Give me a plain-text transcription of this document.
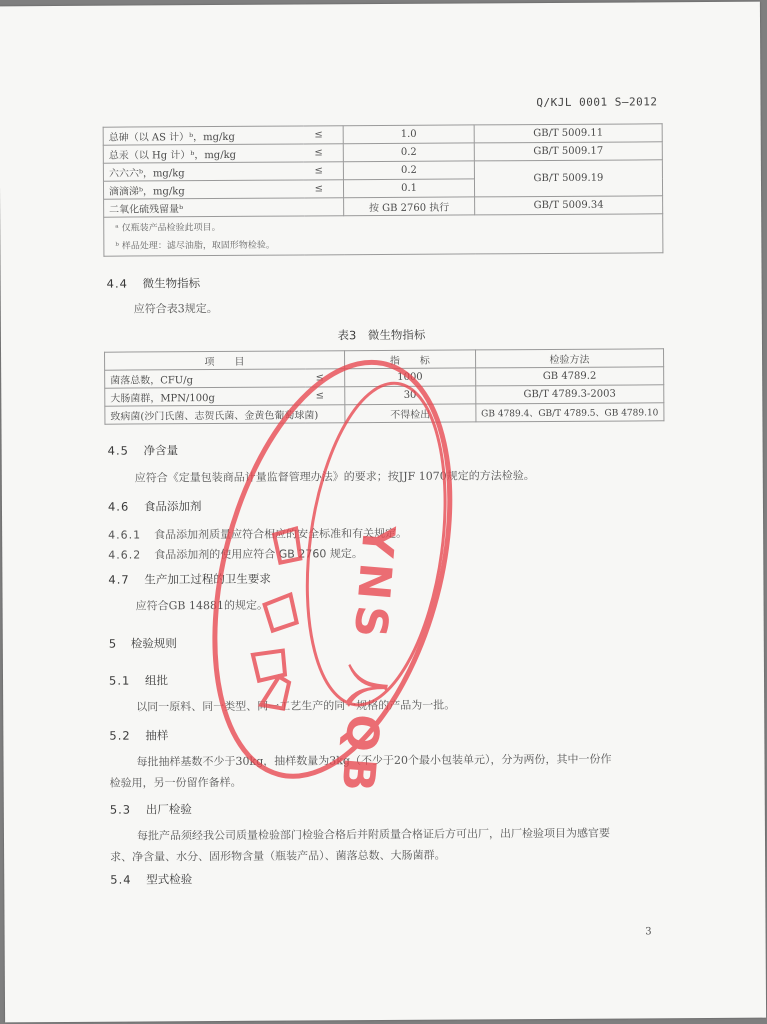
Q/KJL 0001 S—2012
总砷（以 AS 计）ᵇ，mg/kg	≤	1.0	GB/T 5009.11
总汞（以 Hg 计）ᵇ，mg/kg	≤	0.2	GB/T 5009.17
六六六ᵇ，mg/kg	≤	0.2	GB/T 5009.19
滴滴涕ᵇ，mg/kg	≤	0.1	
二氧化硫残留量ᵇ		按 GB 2760 执行	GB/T 5009.34

ᵃ 仅瓶装产品检验此项目。
ᵇ 样品处理：滤尽油脂，取固形物检验。			
4.4 微生物指标
应符合表3规定。
表3　微生物指标
项　　目		指　　标	检验方法
菌落总数，CFU/g	≤	1000	GB 4789.2
大肠菌群，MPN/100g	≤	30	GB/T 4789.3-2003
致病菌(沙门氏菌、志贺氏菌、金黄色葡萄球菌)		不得检出	GB 4789.4、GB/T 4789.5、GB 4789.10
4.5 净含量
应符合《定量包装商品计量监督管理办法》的要求；按JJF 1070规定的方法检验。
4.6 食品添加剂
4.6.1 食品添加剂质量应符合相应的安全标准和有关规定。
4.6.2 食品添加剂的使用应符合 GB 2760 规定。
4.7 生产加工过程的卫生要求
应符合GB 14881的规定。
5 检验规则
5.1 组批
以同一原料、同一类型、同一工艺生产的同一规格的产品为一批。
5.2 抽样
每批抽样基数不少于30kg，抽样数量为3kg（不少于20个最小包装单元），分为两份，其中一份作
检验用，另一份留作备样。
5.3 出厂检验
每批产品须经我公司质量检验部门检验合格后并附质量合格证后方可出厂，出厂检验项目为感官要
求、净含量、水分、固形物含量（瓶装产品）、菌落总数、大肠菌群。
5.4 型式检验
3
YNS 人QB
